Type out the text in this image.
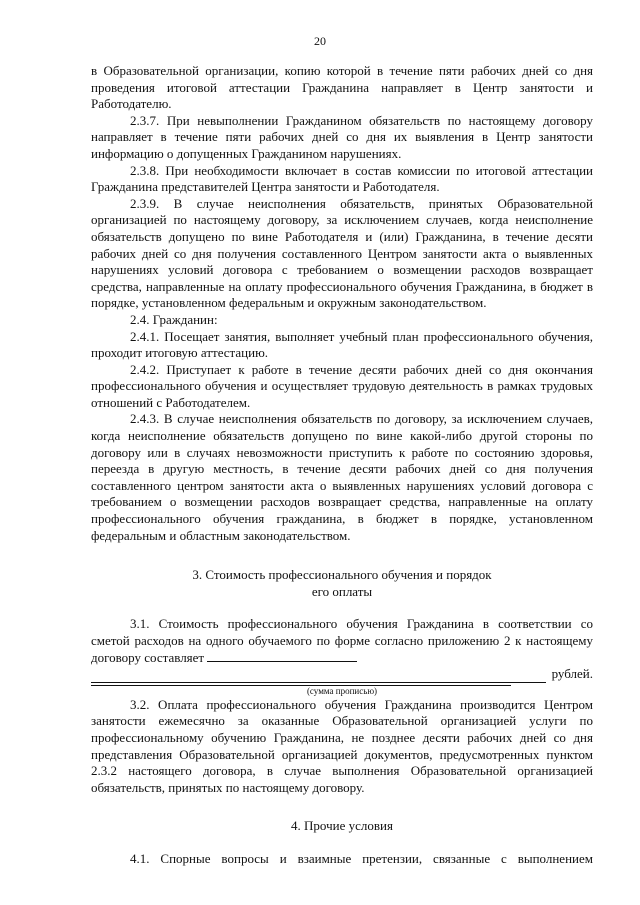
20

в Образовательной организации, копию которой в течение пяти рабочих дней со дня проведения итоговой аттестации Гражданина направляет в Центр занятости и Работодателю.

2.3.7. При невыполнении Гражданином обязательств по настоящему договору направляет в течение пяти рабочих дней со дня их выявления в Центр занятости информацию о допущенных Гражданином нарушениях.

2.3.8. При необходимости включает в состав комиссии по итоговой аттестации Гражданина представителей Центра занятости и Работодателя.

2.3.9. В случае неисполнения обязательств, принятых Образовательной организацией по настоящему договору, за исключением случаев, когда неисполнение обязательств допущено по вине Работодателя и (или) Гражданина, в течение десяти рабочих дней со дня получения составленного Центром занятости акта о выявленных нарушениях условий договора с требованием о возмещении расходов возвращает средства, направленные на оплату профессионального обучения Гражданина, в бюджет в порядке, установленном федеральным и окружным законодательством.

2.4. Гражданин:

2.4.1. Посещает занятия, выполняет учебный план профессионального обучения, проходит итоговую аттестацию.

2.4.2. Приступает к работе в течение десяти рабочих дней со дня окончания профессионального обучения и осуществляет трудовую деятельность в рамках трудовых отношений с Работодателем.

2.4.3. В случае неисполнения обязательств по договору, за исключением случаев, когда неисполнение обязательств допущено по вине какой-либо другой стороны по договору или в случаях невозможности приступить к работе по состоянию здоровья, переезда в другую местность, в течение десяти рабочих дней со дня получения составленного центром занятости акта о выявленных нарушениях условий договора с требованием о возмещении расходов возвращает средства, направленные на оплату профессионального обучения гражданина, в бюджет в порядке, установленном федеральным и областным законодательством.

3. Стоимость профессионального обучения и порядок

его оплаты

3.1. Стоимость профессионального обучения Гражданина в соответствии со сметой расходов на одного обучаемого по форме согласно приложению 2 к настоящему договору составляет
рублей.

(сумма прописью)

3.2. Оплата профессионального обучения Гражданина производится Центром занятости ежемесячно за оказанные Образовательной организацией услуги по профессиональному обучению Гражданина, не позднее десяти рабочих дней со дня представления Образовательной организацией документов, предусмотренных пунктом 2.3.2 настоящего договора, в случае выполнения Образовательной организацией обязательств, принятых по настоящему договору.

4. Прочие условия

4.1. Спорные вопросы и взаимные претензии, связанные с выполнением
